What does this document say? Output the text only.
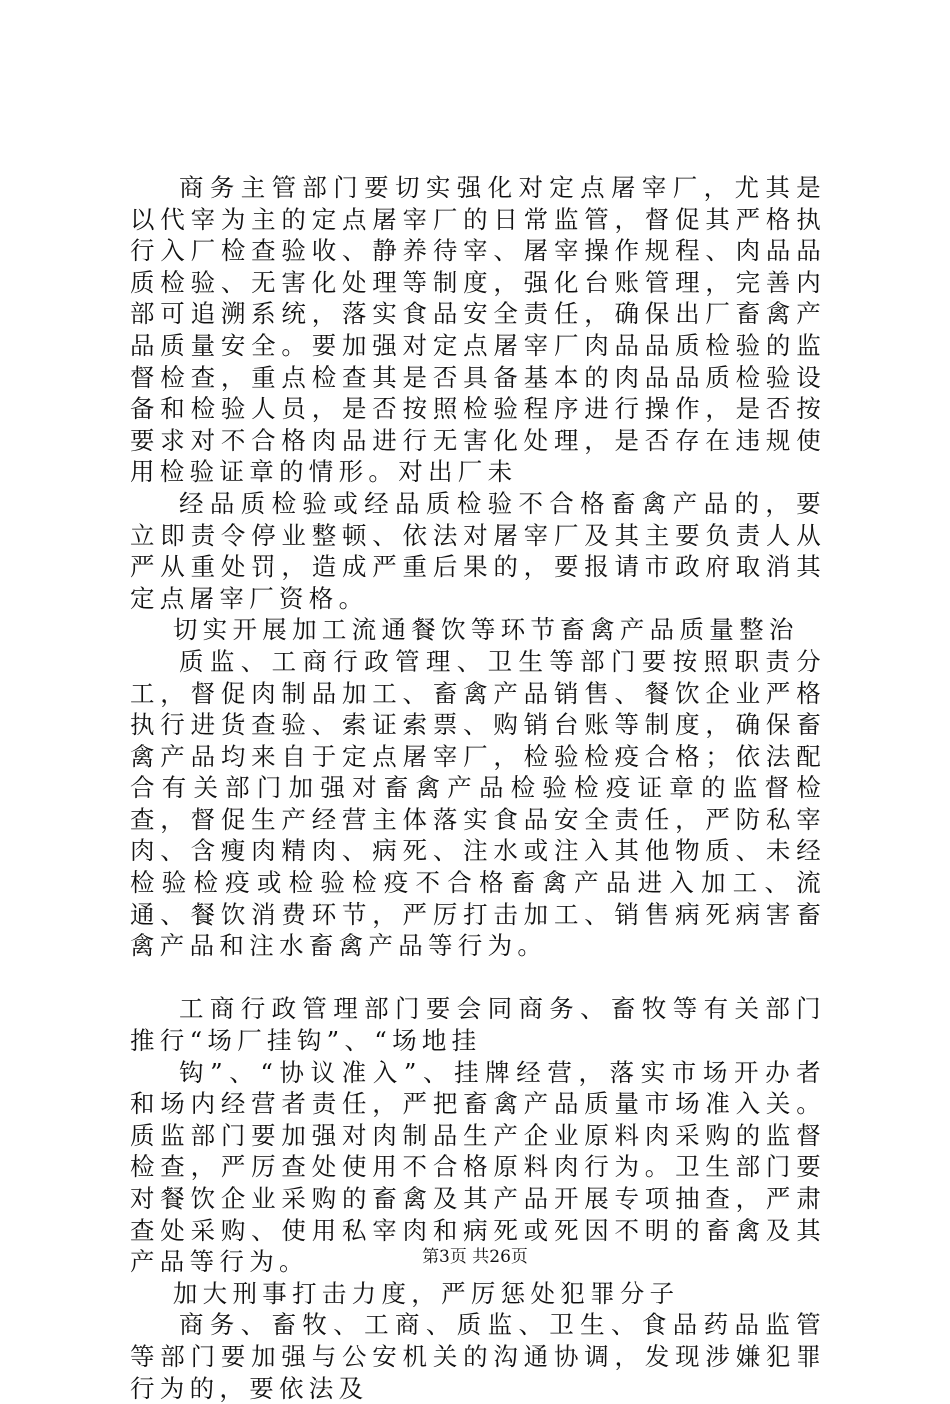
商务主管部门要切实强化对定点屠宰厂，尤其是以代宰为主的定点屠宰厂的日常监管，督促其严格执行入厂检查验收、静养待宰、屠宰操作规程、肉品品质检验、无害化处理等制度，强化台账管理，完善内部可追溯系统，落实食品安全责任，确保出厂畜禽产品质量安全。要加强对定点屠宰厂肉品品质检验的监督检查，重点检查其是否具备基本的肉品品质检验设备和检验人员，是否按照检验程序进行操作，是否按要求对不合格肉品进行无害化处理，是否存在违规使用检验证章的情形。对出厂未

经品质检验或经品质检验不合格畜禽产品的，要立即责令停业整顿、依法对屠宰厂及其主要负责人从严从重处罚，造成严重后果的，要报请市政府取消其定点屠宰厂资格。

切实开展加工流通餐饮等环节畜禽产品质量整治

质监、工商行政管理、卫生等部门要按照职责分工，督促肉制品加工、畜禽产品销售、餐饮企业严格执行进货查验、索证索票、购销台账等制度，确保畜禽产品均来自于定点屠宰厂，检验检疫合格；依法配合有关部门加强对畜禽产品检验检疫证章的监督检查，督促生产经营主体落实食品安全责任，严防私宰肉、含瘦肉精肉、病死、注水或注入其他物质、未经检验检疫或检验检疫不合格畜禽产品进入加工、流通、餐饮消费环节，严厉打击加工、销售病死病害畜禽产品和注水畜禽产品等行为。

工商行政管理部门要会同商务、畜牧等有关部门推行“场厂挂钩”、“场地挂

钩”、“协议准入”、挂牌经营，落实市场开办者和场内经营者责任，严把畜禽产品质量市场准入关。质监部门要加强对肉制品生产企业原料肉采购的监督检查，严厉查处使用不合格原料肉行为。卫生部门要对餐饮企业采购的畜禽及其产品开展专项抽查，严肃查处采购、使用私宰肉和病死或死因不明的畜禽及其产品等行为。

加大刑事打击力度，严厉惩处犯罪分子

商务、畜牧、工商、质监、卫生、食品药品监管等部门要加强与公安机关的沟通协调，发现涉嫌犯罪行为的，要依法及

第3页 共26页
